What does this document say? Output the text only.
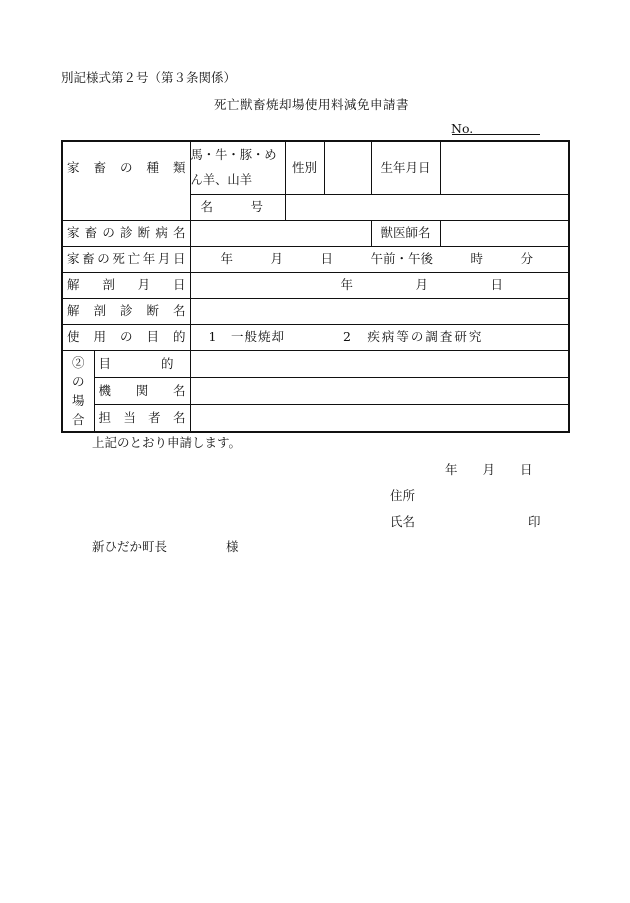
別記様式第２号（第３条関係）
死亡獣畜焼却場使用料減免申請書
No.
家 畜 の 種 類		馬・牛・豚・めん羊、山羊	性別		生年月日	
		名　　　号				
家畜の診断病名					獣医師名	
家畜の死亡年月日		年　　　月　　　日　　　午前・午後　　　時　　　分				
解　剖　月　日		年　　　　　月　　　　　日				
解 剖 診 断 名						
使 用 の 目 的		1　一般焼却 2　疾病等の調査研究				
②の場合	目　　　　的					
	機　関　名					
	担 当 者 名					
上記のとおり申請します。
年　　月　　日
住所
氏名	印
新ひだか町長	様
